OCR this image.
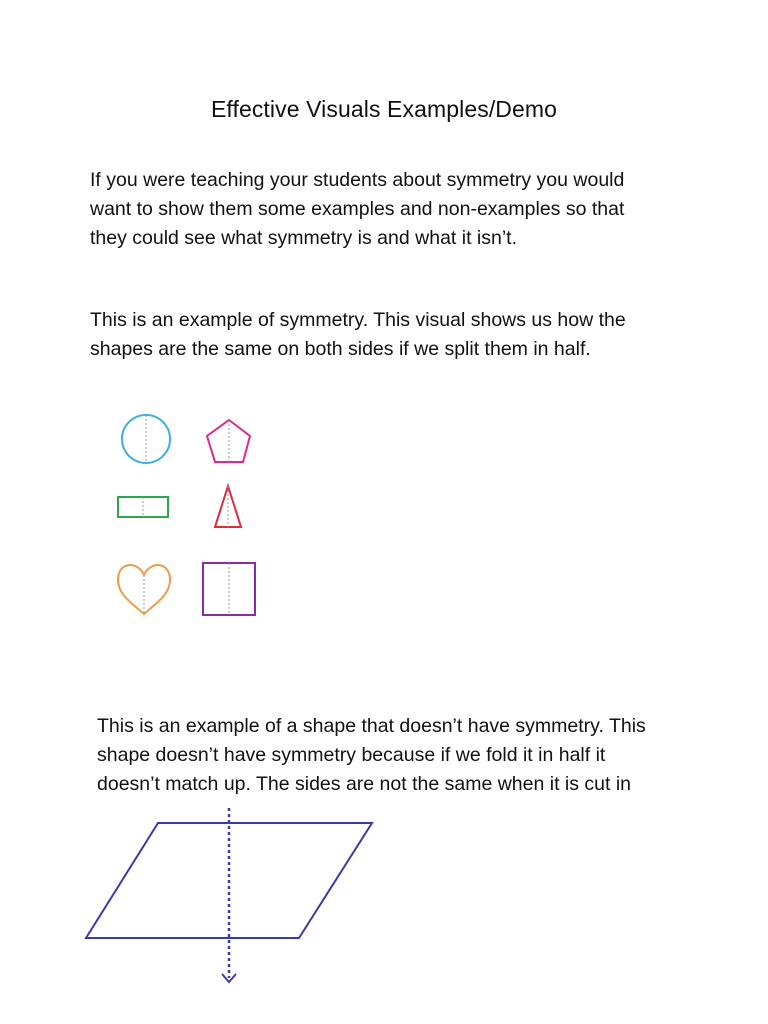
Effective Visuals Examples/Demo
If you were teaching your students about symmetry you would
want to show them some examples and non-examples so that
they could see what symmetry is and what it isn’t.
This is an example of symmetry. This visual shows us how the
shapes are the same on both sides if we split them in half.
This is an example of a shape that doesn’t have symmetry. This
shape doesn’t have symmetry because if we fold it in half it
doesn’t match up. The sides are not the same when it is cut in
